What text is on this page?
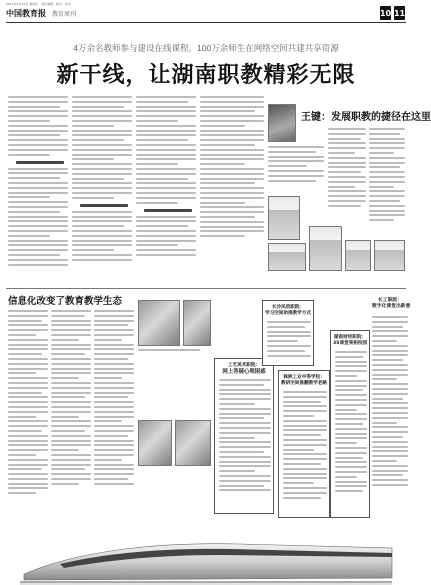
2015年6月19日 星期五 · 责任编辑 · 版式 · 校对
中国教育报 教育周刊	10 11
4万余名教师参与建设在线课程，100万余师生在网络空间共建共享资源
新干线，让湖南职教精彩无限
王键：发展职教的捷径在这里
信息化改变了教育教学生态
工艺美术职院：
网上答疑心理困惑
长沙民政职院：
学习空间助推教学方式
株洲工业中等学校：
教研空间推翻教学老路
湖南财经职院：
3S课堂亮相校园
长工职院：
数字化课堂出新意
